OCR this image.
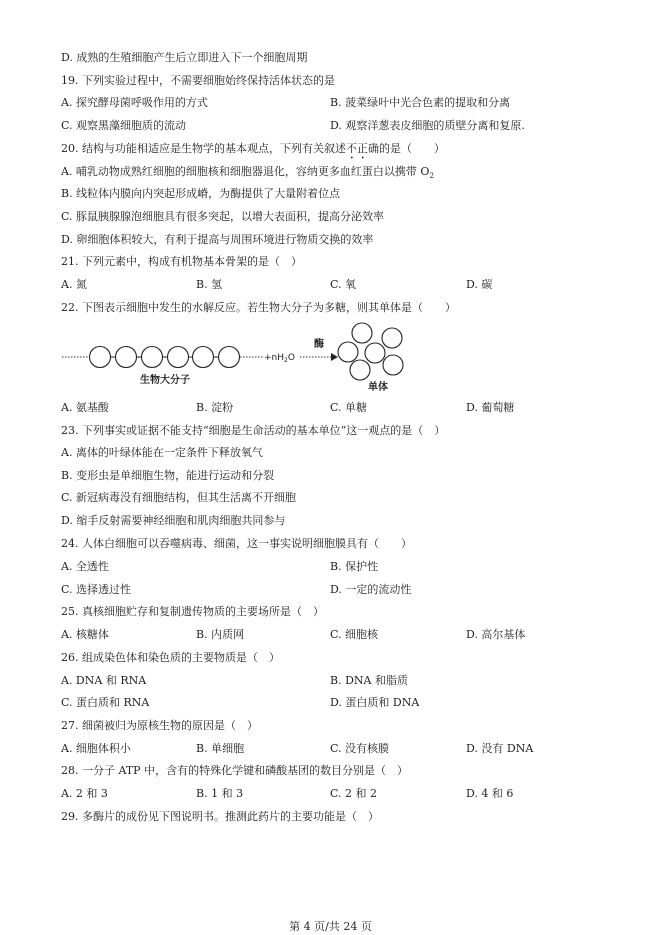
D. 成熟的生殖细胞产生后立即进入下一个细胞周期
19. 下列实验过程中，不需要细胞始终保持活体状态的是
A. 探究酵母菌呼吸作用的方式	B. 菠菜绿叶中光合色素的提取和分离
C. 观察黑藻细胞质的流动	D. 观察洋葱表皮细胞的质壁分离和复原.
20. 结构与功能相适应是生物学的基本观点，下列有关叙述不正确的是（　　）
A. 哺乳动物成熟红细胞的细胞核和细胞器退化，容纳更多血红蛋白以携带 $O_2$
B. 线粒体内膜向内突起形成嵴，为酶提供了大量附着位点
C. 豚鼠胰腺腺泡细胞具有很多突起，以增大表面积，提高分泌效率
D. 卵细胞体积较大，有利于提高与周围环境进行物质交换的效率
21. 下列元素中，构成有机物基本骨架的是（　）
A. 氮	B. 氢	C. 氧	D. 碳
22. 下图表示细胞中发生的水解反应。若生物大分子为多糖，则其单体是（　　）
$+nH_2O$
酶
生物大分子
单体
A. 氨基酸	B. 淀粉	C. 单糖	D. 葡萄糖
23. 下列事实或证据不能支持“细胞是生命活动的基本单位”这一观点的是（　）
A. 离体的叶绿体能在一定条件下释放氧气
B. 变形虫是单细胞生物，能进行运动和分裂
C. 新冠病毒没有细胞结构，但其生活离不开细胞
D. 缩手反射需要神经细胞和肌肉细胞共同参与
24. 人体白细胞可以吞噬病毒、细菌，这一事实说明细胞膜具有（　　）
A. 全透性	B. 保护性
C. 选择透过性	D. 一定的流动性
25. 真核细胞贮存和复制遗传物质的主要场所是（　）
A. 核糖体	B. 内质网	C. 细胞核	D. 高尔基体
26. 组成染色体和染色质的主要物质是（　）
A. DNA 和 RNA	B. DNA 和脂质
C. 蛋白质和 RNA	D. 蛋白质和 DNA
27. 细菌被归为原核生物的原因是（　）
A. 细胞体积小	B. 单细胞	C. 没有核膜	D. 没有 DNA
28. 一分子 ATP 中，含有的特殊化学键和磷酸基团的数目分别是（　）
A. 2 和 3	B. 1 和 3	C. 2 和 2	D. 4 和 6
29. 多酶片的成份见下图说明书。推测此药片的主要功能是（　）
第 4 页/共 24 页
